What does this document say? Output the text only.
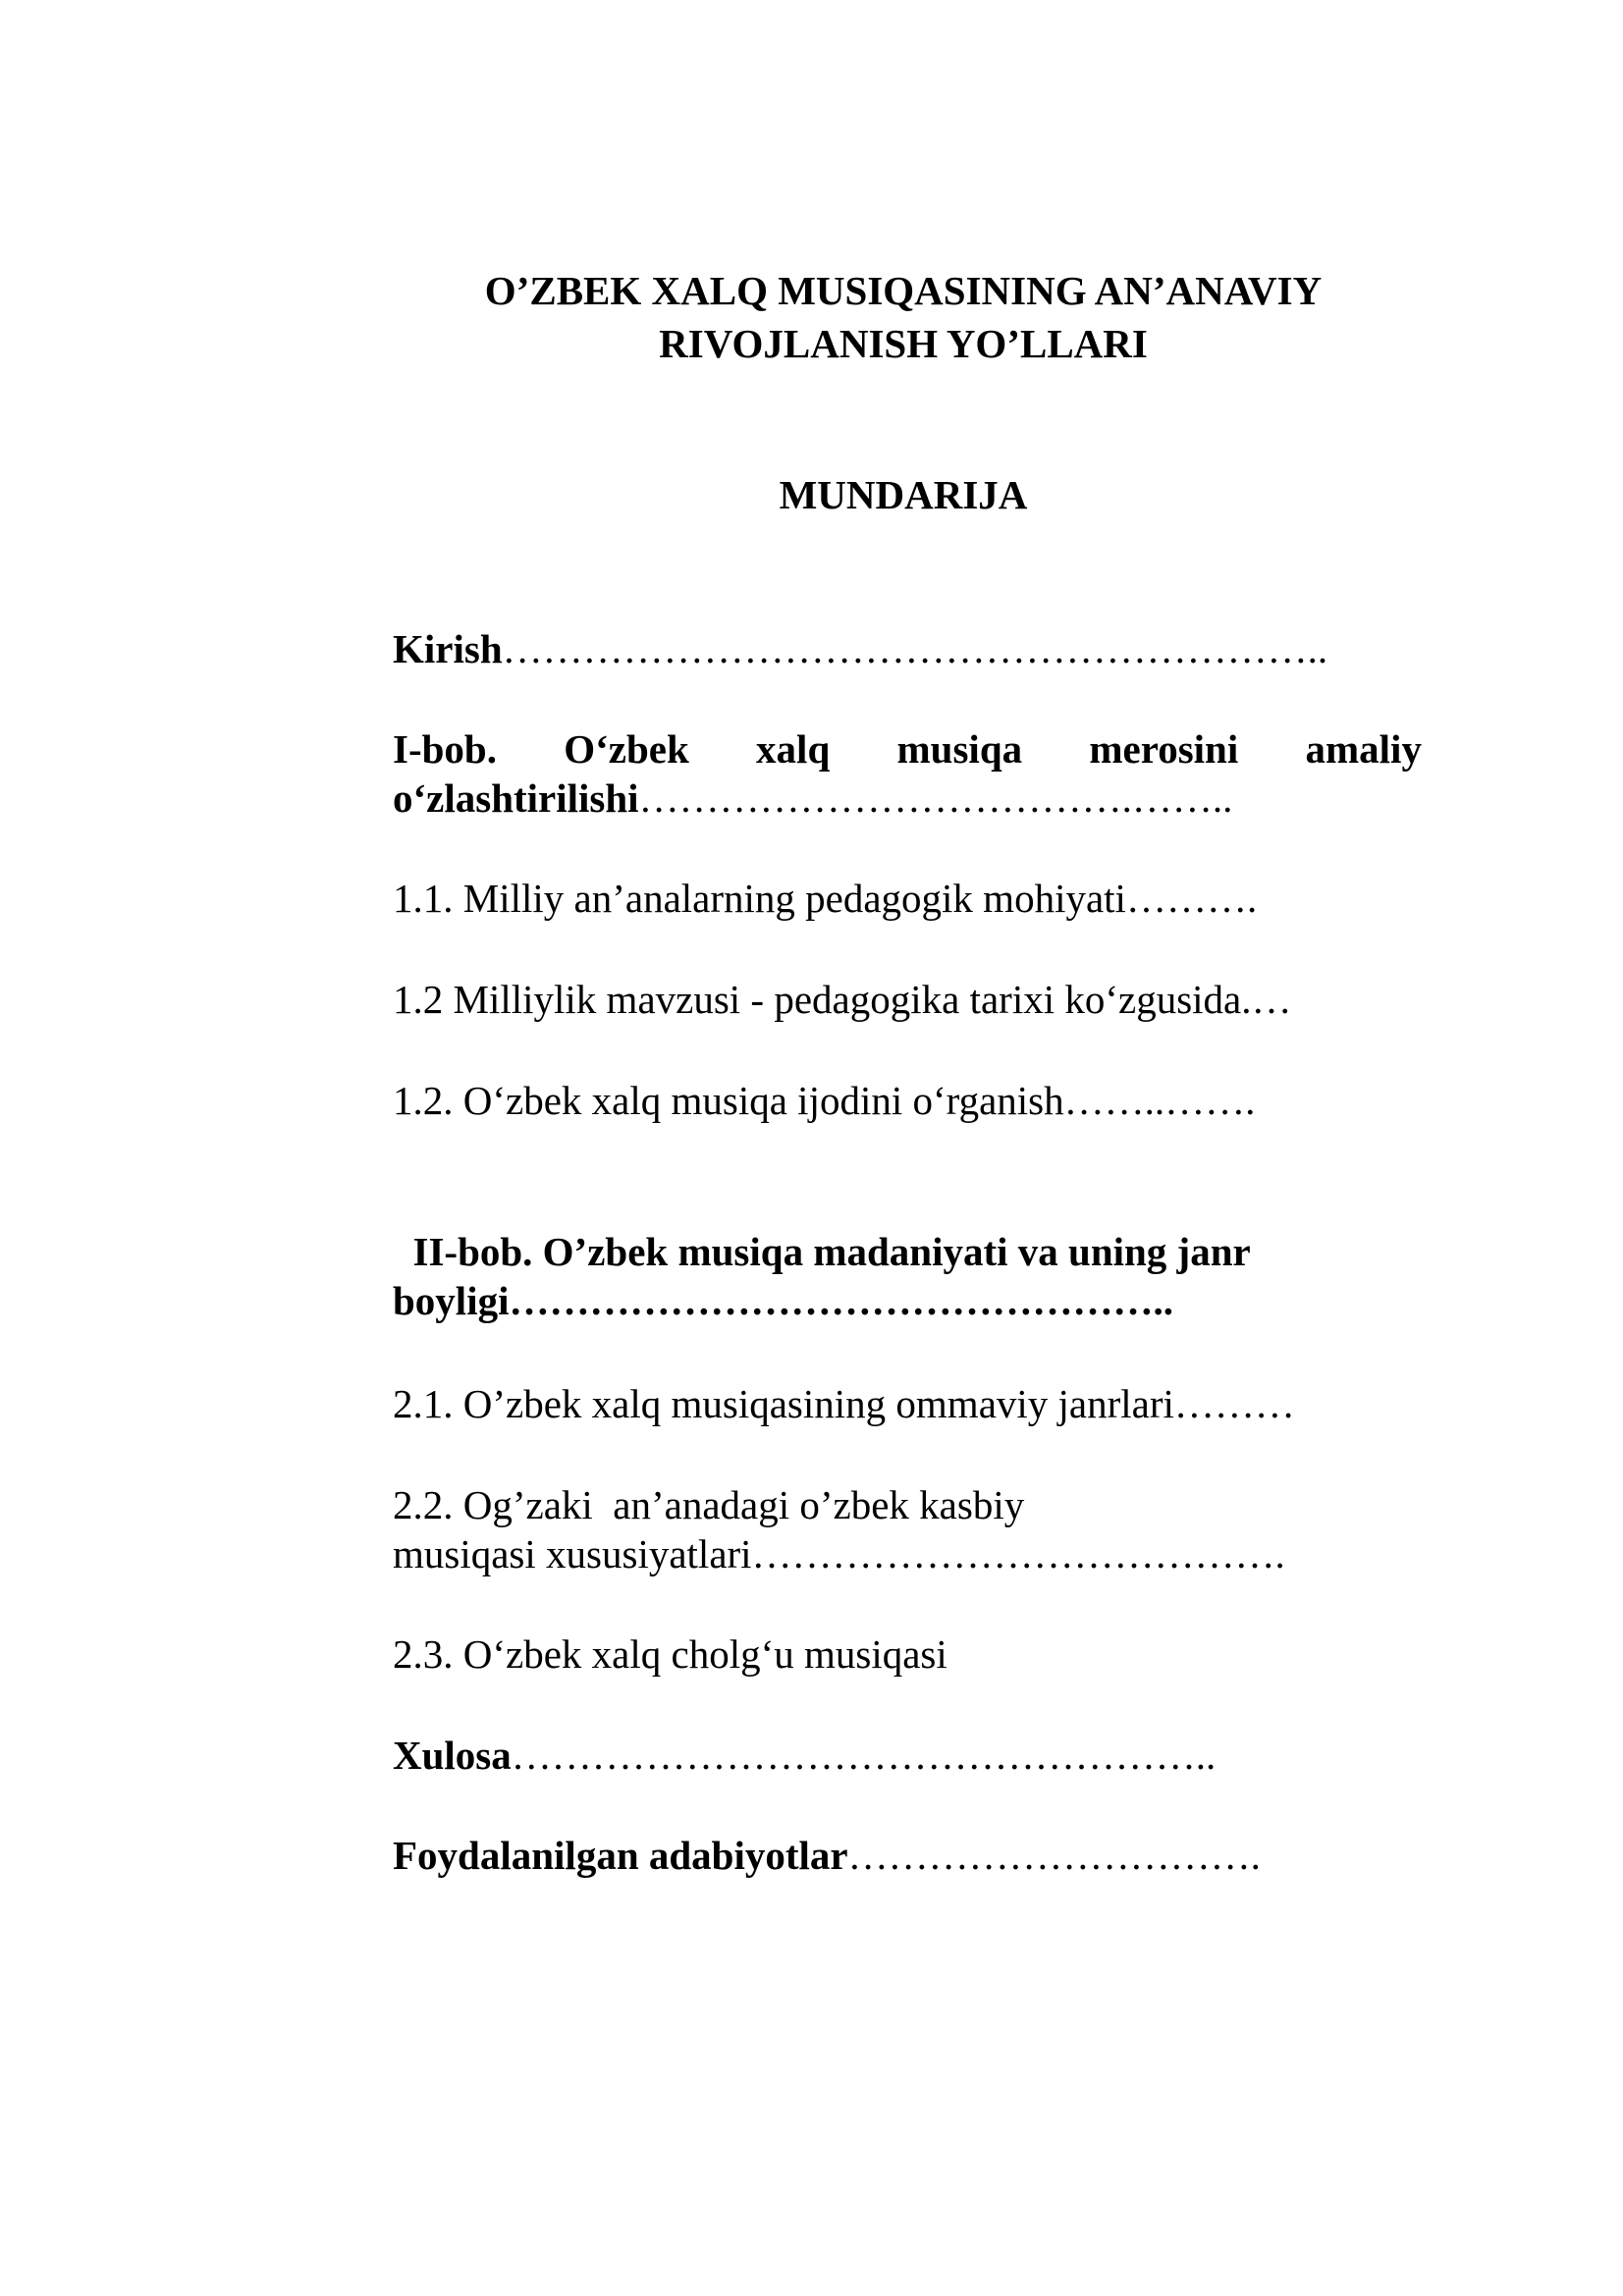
O’ZBEK XALQ MUSIQASINING AN’ANAVIY
RIVOJLANISH YO’LLARI
MUNDARIJA
Kirish……………………………………………………..
I-bob. O‘zbek xalq musiqa merosini amaliy
o‘zlashtirilishi……………………………….……..
1.1. Milliy an’analarning pedagogik mohiyati……….
1.2 Milliylik mavzusi - pedagogika tarixi ko‘zgusida.…
1.2. O‘zbek xalq musiqa ijodini o‘rganish……..…….
II-bob. O’zbek musiqa madaniyati va uning janr
boyligi…………………………………………..
2.1. O’zbek xalq musiqasining ommaviy janrlari………
2.2. Og’zaki  an’anadagi o’zbek kasbiy
musiqasi xususiyatlari………………………………….
2.3. O‘zbek xalq cholg‘u musiqasi
Xulosa……………………………………………..
Foydalanilgan adabiyotlar………………………….
